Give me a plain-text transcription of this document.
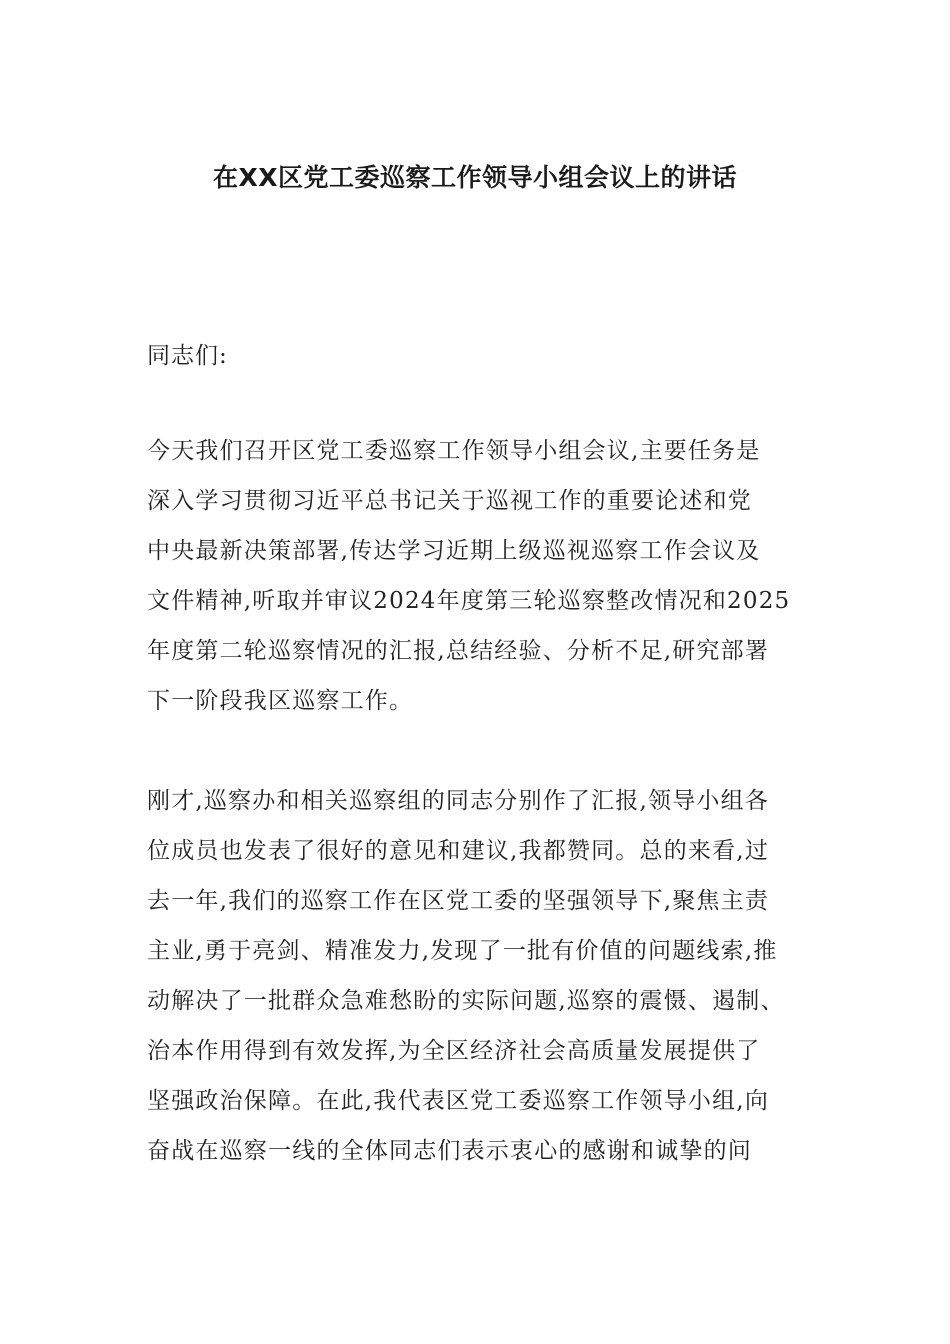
在XX区党工委巡察工作领导小组会议上的讲话
同志们:
今天我们召开区党工委巡察工作领导小组会议,主要任务是
深入学习贯彻习近平总书记关于巡视工作的重要论述和党
中央最新决策部署,传达学习近期上级巡视巡察工作会议及
文件精神,听取并审议2024年度第三轮巡察整改情况和2025
年度第二轮巡察情况的汇报,总结经验、分析不足,研究部署
下一阶段我区巡察工作。
刚才,巡察办和相关巡察组的同志分别作了汇报,领导小组各
位成员也发表了很好的意见和建议,我都赞同。总的来看,过
去一年,我们的巡察工作在区党工委的坚强领导下,聚焦主责
主业,勇于亮剑、精准发力,发现了一批有价值的问题线索,推
动解决了一批群众急难愁盼的实际问题,巡察的震慑、遏制、
治本作用得到有效发挥,为全区经济社会高质量发展提供了
坚强政治保障。在此,我代表区党工委巡察工作领导小组,向
奋战在巡察一线的全体同志们表示衷心的感谢和诚挚的问
